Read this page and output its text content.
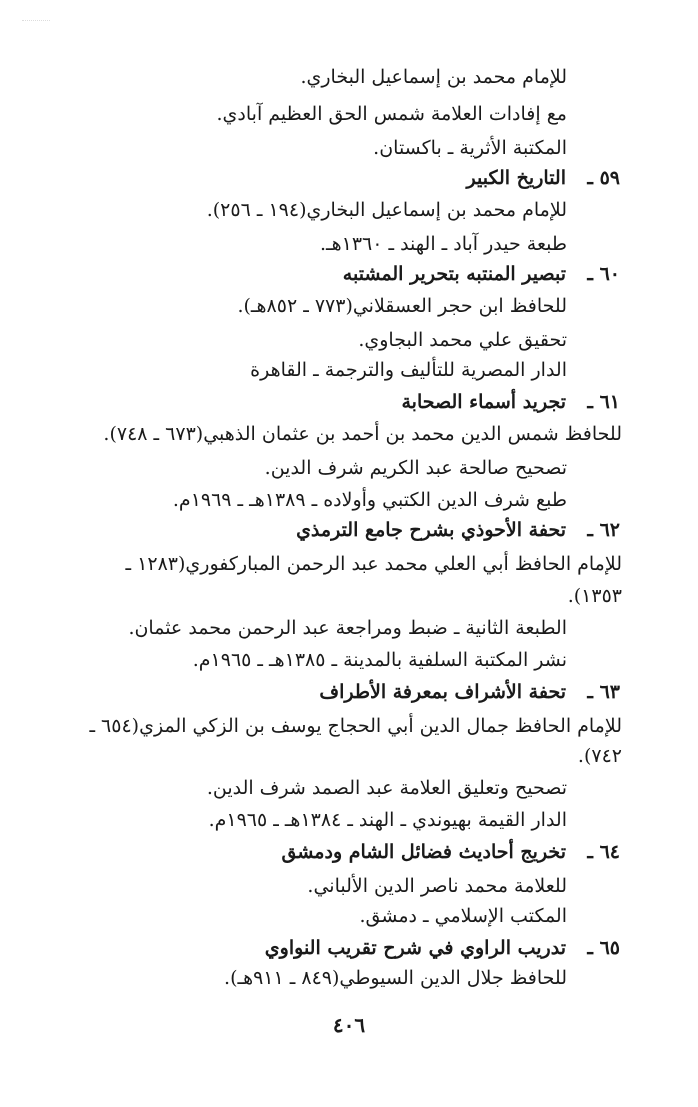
للإمام محمد بن إسماعيل البخاري.
مع إفادات العلامة شمس الحق العظيم آبادي.
المكتبة الأثرية ـ باكستان.
٥٩ ـ
التاريخ الكبير
للإمام محمد بن إسماعيل البخاري(١٩٤ ـ ٢٥٦).
طبعة حيدر آباد ـ الهند ـ ١٣٦٠هـ.
٦٠ ـ
تبصير المنتبه بتحرير المشتبه
للحافظ ابن حجر العسقلاني(٧٧٣ ـ ٨٥٢هـ).
تحقيق علي محمد البجاوي.
الدار المصرية للتأليف والترجمة ـ القاهرة
٦١ ـ
تجريد أسماء الصحابة
للحافظ شمس الدين محمد بن أحمد بن عثمان الذهبي(٦٧٣ ـ ٧٤٨).
تصحيح صالحة عبد الكريم شرف الدين.
طبع شرف الدين الكتبي وأولاده ـ ١٣٨٩هـ ـ ١٩٦٩م.
٦٢ ـ
تحفة الأحوذي بشرح جامع الترمذي
للإمام الحافظ أبي العلي محمد عبد الرحمن المباركفوري(١٢٨٣ ـ
١٣٥٣).
الطبعة الثانية ـ ضبط ومراجعة عبد الرحمن محمد عثمان.
نشر المكتبة السلفية بالمدينة ـ ١٣٨٥هـ ـ ١٩٦٥م.
٦٣ ـ
تحفة الأشراف بمعرفة الأطراف
للإمام الحافظ جمال الدين أبي الحجاج يوسف بن الزكي المزي(٦٥٤ ـ
٧٤٢).
تصحيح وتعليق العلامة عبد الصمد شرف الدين.
الدار القيمة بهيوندي ـ الهند ـ ١٣٨٤هـ ـ ١٩٦٥م.
٦٤ ـ
تخريج أحاديث فضائل الشام ودمشق
للعلامة محمد ناصر الدين الألباني.
المكتب الإسلامي ـ دمشق.
٦٥ ـ
تدريب الراوي في شرح تقريب النواوي
للحافظ جلال الدين السيوطي(٨٤٩ ـ ٩١١هـ).
٤٠٦
